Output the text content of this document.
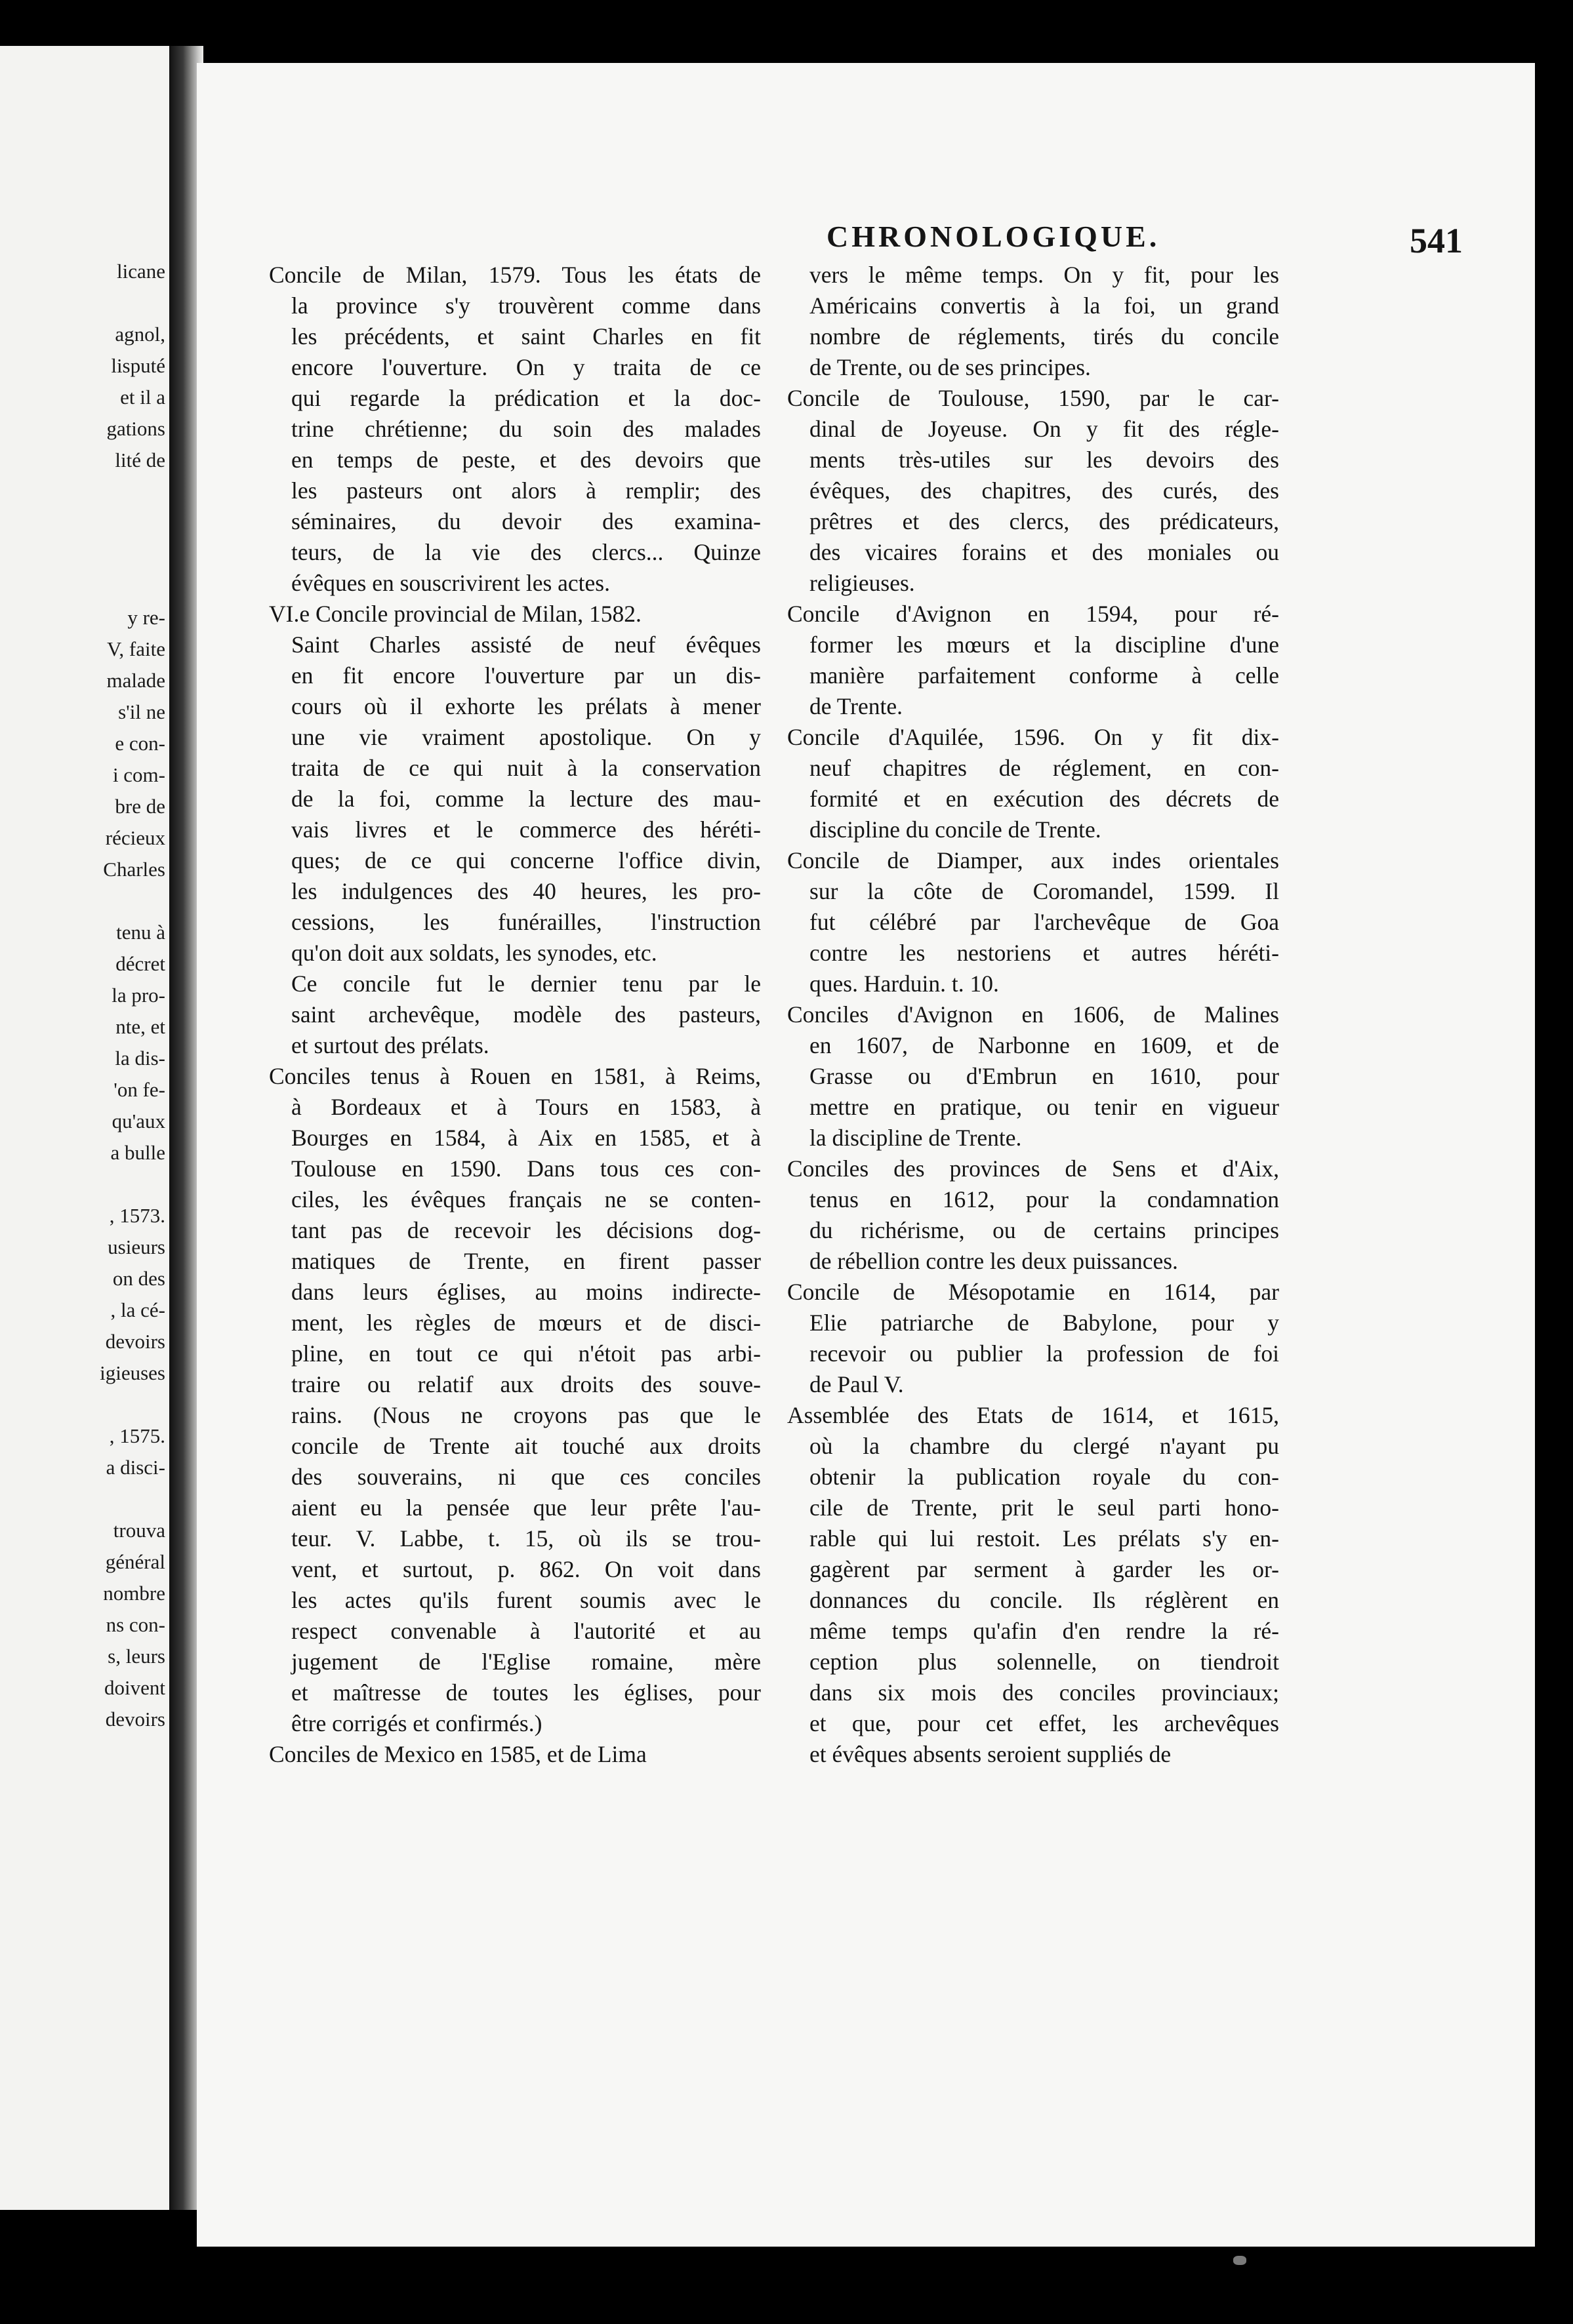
licane
agnol,
lisputé
et il a
gations
lité de
y re-
V, faite
malade
s'il ne
e con-
i com-
bre de
récieux
Charles
tenu à
décret
la pro-
nte, et
la dis-
'on fe-
qu'aux
a bulle
, 1573.
usieurs
on des
, la cé-
devoirs
igieuses
, 1575.
a disci-
trouva
général
nombre
ns con-
s, leurs
doivent
devoirs
CHRONOLOGIQUE.	541
Concile de Milan, 1579. Tous les états de
la province s'y trouvèrent comme dans
les précédents, et saint Charles en fit
encore l'ouverture. On y traita de ce
qui regarde la prédication et la doc-
trine chrétienne; du soin des malades
en temps de peste, et des devoirs que
les pasteurs ont alors à remplir; des
séminaires, du devoir des examina-
teurs, de la vie des clercs... Quinze
évêques en souscrivirent les actes.
VI.e Concile provincial de Milan, 1582.
Saint Charles assisté de neuf évêques
en fit encore l'ouverture par un dis-
cours où il exhorte les prélats à mener
une vie vraiment apostolique. On y
traita de ce qui nuit à la conservation
de la foi, comme la lecture des mau-
vais livres et le commerce des héréti-
ques; de ce qui concerne l'office divin,
les indulgences des 40 heures, les pro-
cessions, les funérailles, l'instruction
qu'on doit aux soldats, les synodes, etc.
Ce concile fut le dernier tenu par le
saint archevêque, modèle des pasteurs,
et surtout des prélats.
Conciles tenus à Rouen en 1581, à Reims,
à Bordeaux et à Tours en 1583, à
Bourges en 1584, à Aix en 1585, et à
Toulouse en 1590. Dans tous ces con-
ciles, les évêques français ne se conten-
tant pas de recevoir les décisions dog-
matiques de Trente, en firent passer
dans leurs églises, au moins indirecte-
ment, les règles de mœurs et de disci-
pline, en tout ce qui n'étoit pas arbi-
traire ou relatif aux droits des souve-
rains. (Nous ne croyons pas que le
concile de Trente ait touché aux droits
des souverains, ni que ces conciles
aient eu la pensée que leur prête l'au-
teur. V. Labbe, t. 15, où ils se trou-
vent, et surtout, p. 862. On voit dans
les actes qu'ils furent soumis avec le
respect convenable à l'autorité et au
jugement de l'Eglise romaine, mère
et maîtresse de toutes les églises, pour
être corrigés et confirmés.)
Conciles de Mexico en 1585, et de Lima
vers le même temps. On y fit, pour les
Américains convertis à la foi, un grand
nombre de réglements, tirés du concile
de Trente, ou de ses principes.
Concile de Toulouse, 1590, par le car-
dinal de Joyeuse. On y fit des régle-
ments très-utiles sur les devoirs des
évêques, des chapitres, des curés, des
prêtres et des clercs, des prédicateurs,
des vicaires forains et des moniales ou
religieuses.
Concile d'Avignon en 1594, pour ré-
former les mœurs et la discipline d'une
manière parfaitement conforme à celle
de Trente.
Concile d'Aquilée, 1596. On y fit dix-
neuf chapitres de réglement, en con-
formité et en exécution des décrets de
discipline du concile de Trente.
Concile de Diamper, aux indes orientales
sur la côte de Coromandel, 1599. Il
fut célébré par l'archevêque de Goa
contre les nestoriens et autres héréti-
ques. Harduin. t. 10.
Conciles d'Avignon en 1606, de Malines
en 1607, de Narbonne en 1609, et de
Grasse ou d'Embrun en 1610, pour
mettre en pratique, ou tenir en vigueur
la discipline de Trente.
Conciles des provinces de Sens et d'Aix,
tenus en 1612, pour la condamnation
du richérisme, ou de certains principes
de rébellion contre les deux puissances.
Concile de Mésopotamie en 1614, par
Elie patriarche de Babylone, pour y
recevoir ou publier la profession de foi
de Paul V.
Assemblée des Etats de 1614, et 1615,
où la chambre du clergé n'ayant pu
obtenir la publication royale du con-
cile de Trente, prit le seul parti hono-
rable qui lui restoit. Les prélats s'y en-
gagèrent par serment à garder les or-
donnances du concile. Ils réglèrent en
même temps qu'afin d'en rendre la ré-
ception plus solennelle, on tiendroit
dans six mois des conciles provinciaux;
et que, pour cet effet, les archevêques
et évêques absents seroient suppliés de
